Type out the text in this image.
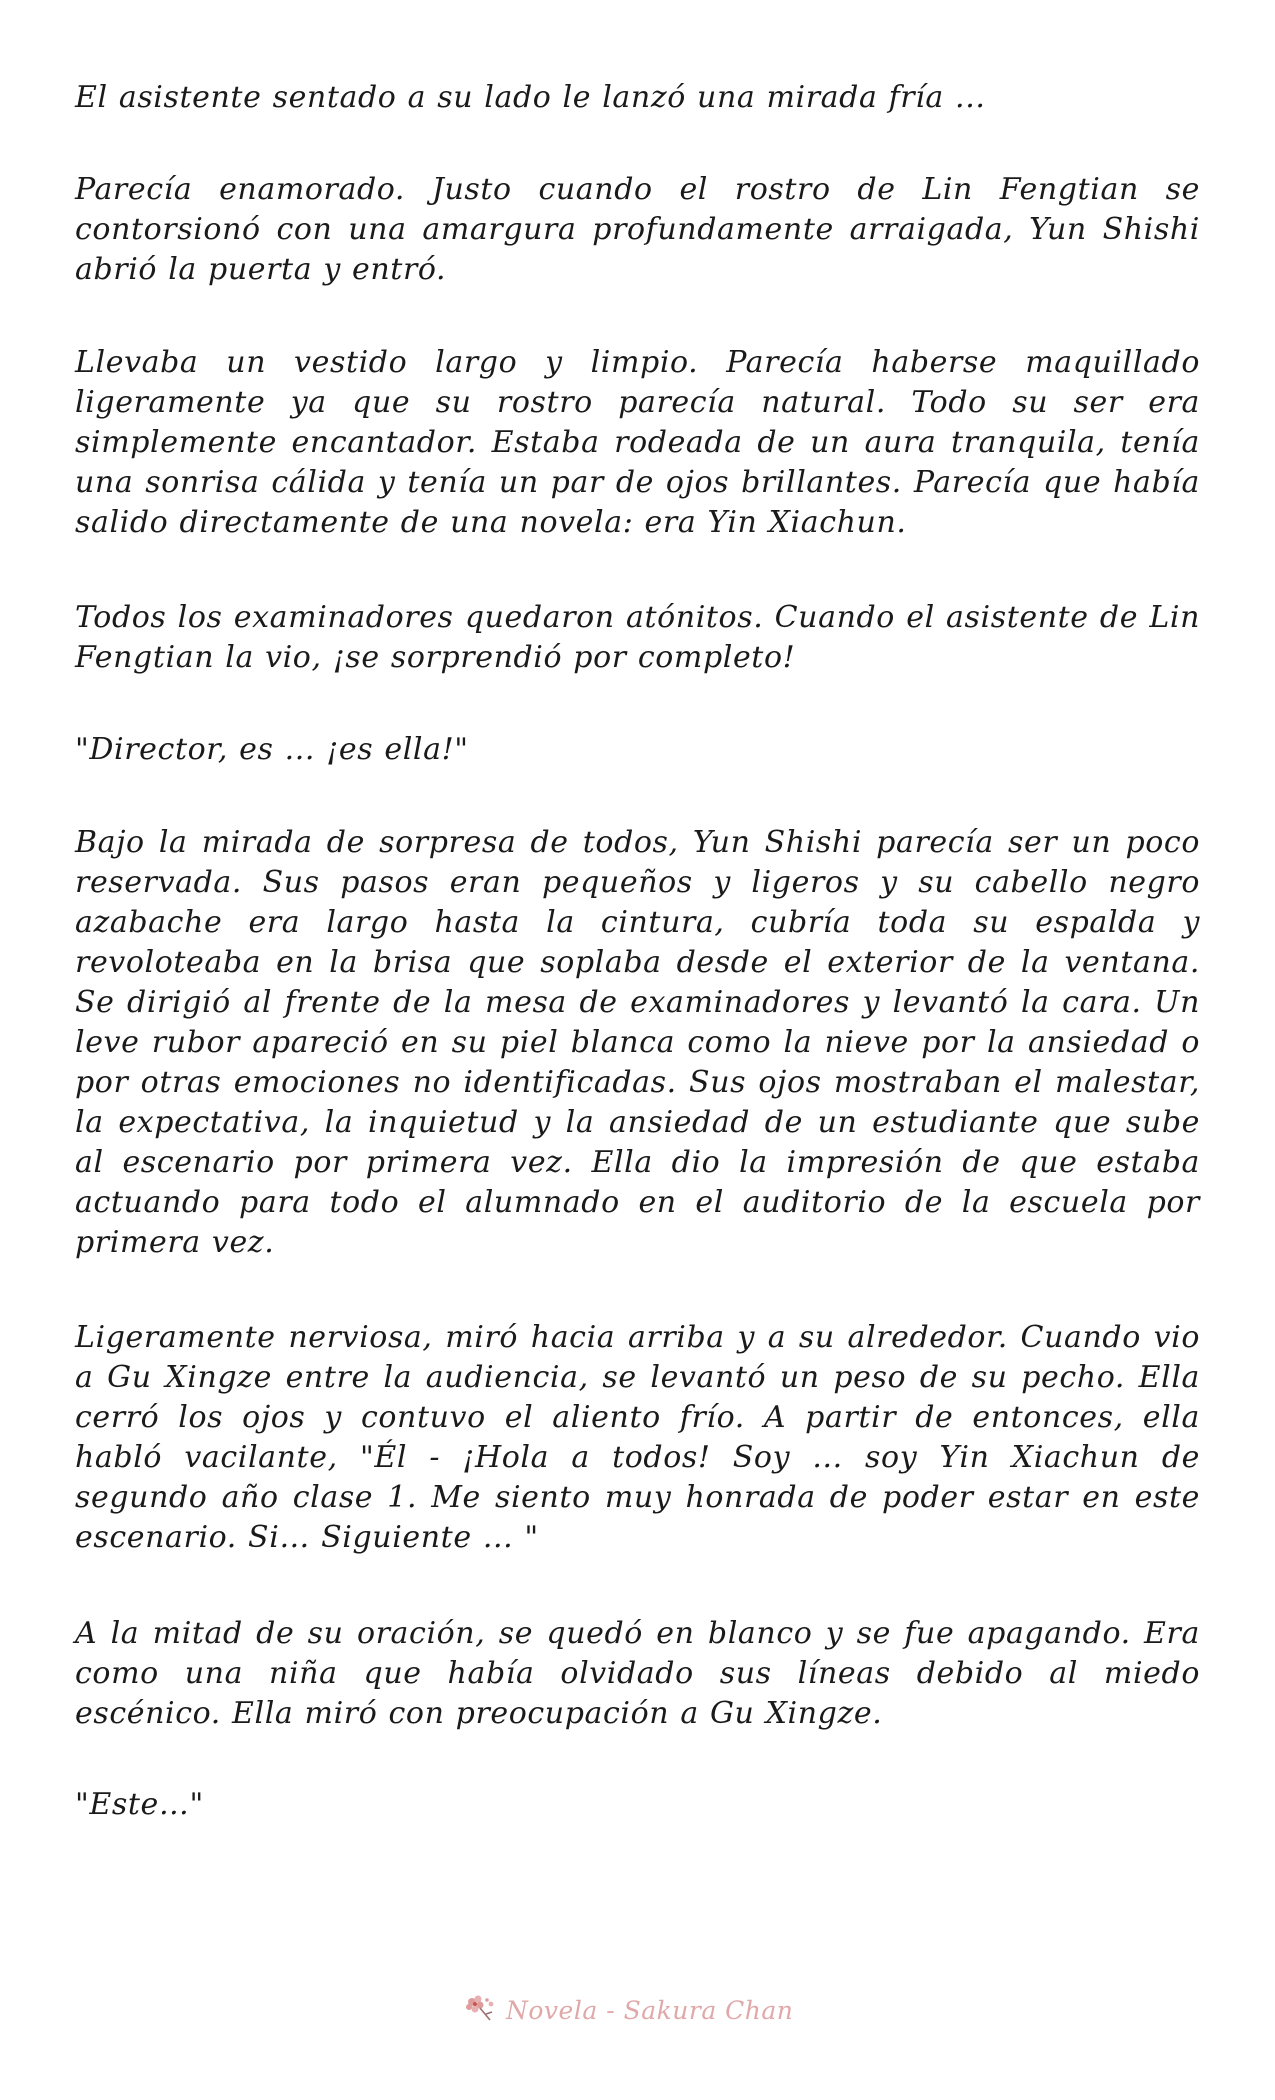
El asistente sentado a su lado le lanzó una mirada fría ...

Parecía enamorado. Justo cuando el rostro de Lin Fengtian se contorsionó con una amargura profundamente arraigada, Yun Shishi abrió la puerta y entró.

Llevaba un vestido largo y limpio. Parecía haberse maquillado ligeramente ya que su rostro parecía natural. Todo su ser era simplemente encantador. Estaba rodeada de un aura tranquila, tenía una sonrisa cálida y tenía un par de ojos brillantes. Parecía que había salido directamente de una novela: era Yin Xiachun.

Todos los examinadores quedaron atónitos. Cuando el asistente de Lin Fengtian la vio, ¡se sorprendió por completo!

"Director, es ... ¡es ella!"

Bajo la mirada de sorpresa de todos, Yun Shishi parecía ser un poco reservada. Sus pasos eran pequeños y ligeros y su cabello negro azabache era largo hasta la cintura, cubría toda su espalda y revoloteaba en la brisa que soplaba desde el exterior de la ventana. Se dirigió al frente de la mesa de examinadores y levantó la cara. Un leve rubor apareció en su piel blanca como la nieve por la ansiedad o por otras emociones no identificadas. Sus ojos mostraban el malestar, la expectativa, la inquietud y la ansiedad de un estudiante que sube al escenario por primera vez. Ella dio la impresión de que estaba actuando para todo el alumnado en el auditorio de la escuela por primera vez.

Ligeramente nerviosa, miró hacia arriba y a su alrededor. Cuando vio a Gu Xingze entre la audiencia, se levantó un peso de su pecho. Ella cerró los ojos y contuvo el aliento frío. A partir de entonces, ella habló vacilante, "Él - ¡Hola a todos! Soy ... soy Yin Xiachun de segundo año clase 1. Me siento muy honrada de poder estar en este escenario. Si… Siguiente ... "

A la mitad de su oración, se quedó en blanco y se fue apagando. Era como una niña que había olvidado sus líneas debido al miedo escénico. Ella miró con preocupación a Gu Xingze.

"Este…"

Novela - Sakura Chan
